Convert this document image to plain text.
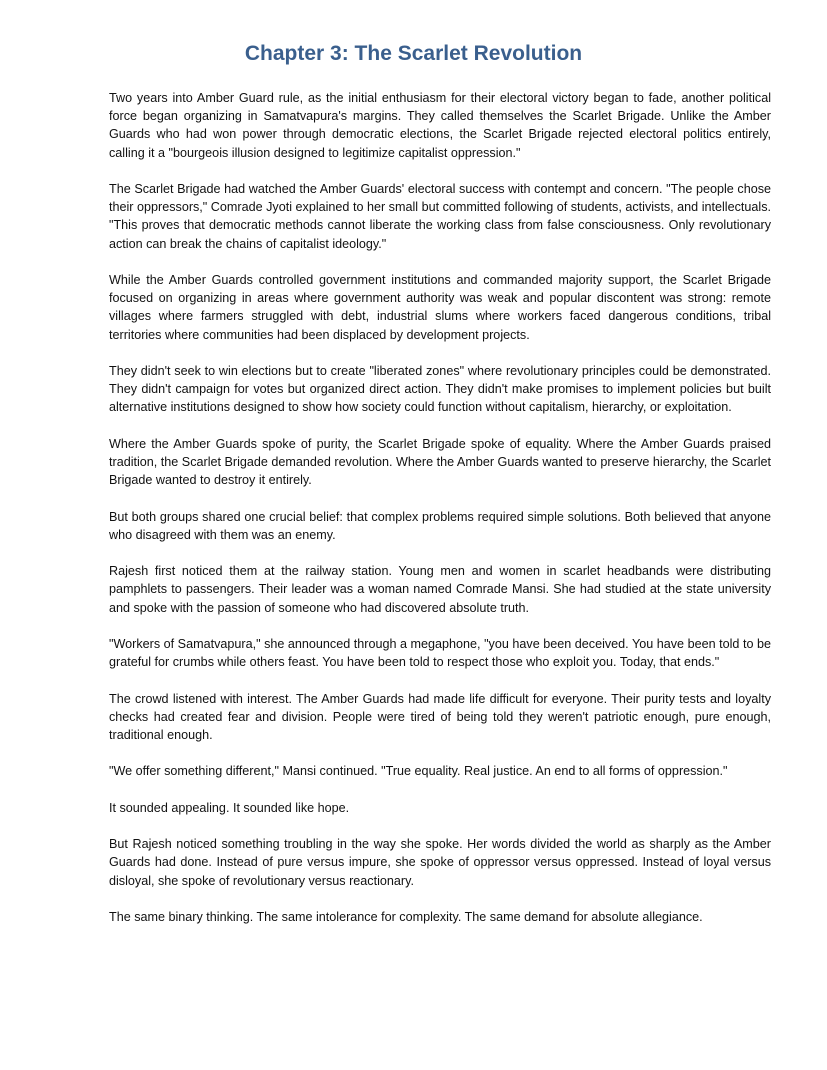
Chapter 3: The Scarlet Revolution

Two years into Amber Guard rule, as the initial enthusiasm for their electoral victory began to fade, another political force began organizing in Samatvapura's margins. They called themselves the Scarlet Brigade. Unlike the Amber Guards who had won power through democratic elections, the Scarlet Brigade rejected electoral politics entirely, calling it a "bourgeois illusion designed to legitimize capitalist oppression."

The Scarlet Brigade had watched the Amber Guards' electoral success with contempt and concern. "The people chose their oppressors," Comrade Jyoti explained to her small but committed following of students, activists, and intellectuals. "This proves that democratic methods cannot liberate the working class from false consciousness. Only revolutionary action can break the chains of capitalist ideology."

While the Amber Guards controlled government institutions and commanded majority support, the Scarlet Brigade focused on organizing in areas where government authority was weak and popular discontent was strong: remote villages where farmers struggled with debt, industrial slums where workers faced dangerous conditions, tribal territories where communities had been displaced by development projects.

They didn't seek to win elections but to create "liberated zones" where revolutionary principles could be demonstrated. They didn't campaign for votes but organized direct action. They didn't make promises to implement policies but built alternative institutions designed to show how society could function without capitalism, hierarchy, or exploitation.

Where the Amber Guards spoke of purity, the Scarlet Brigade spoke of equality. Where the Amber Guards praised tradition, the Scarlet Brigade demanded revolution. Where the Amber Guards wanted to preserve hierarchy, the Scarlet Brigade wanted to destroy it entirely.

But both groups shared one crucial belief: that complex problems required simple solutions. Both believed that anyone who disagreed with them was an enemy.

Rajesh first noticed them at the railway station. Young men and women in scarlet headbands were distributing pamphlets to passengers. Their leader was a woman named Comrade Mansi. She had studied at the state university and spoke with the passion of someone who had discovered absolute truth.

"Workers of Samatvapura," she announced through a megaphone, "you have been deceived. You have been told to be grateful for crumbs while others feast. You have been told to respect those who exploit you. Today, that ends."

The crowd listened with interest. The Amber Guards had made life difficult for everyone. Their purity tests and loyalty checks had created fear and division. People were tired of being told they weren't patriotic enough, pure enough, traditional enough.

"We offer something different," Mansi continued. "True equality. Real justice. An end to all forms of oppression."

It sounded appealing. It sounded like hope.

But Rajesh noticed something troubling in the way she spoke. Her words divided the world as sharply as the Amber Guards had done. Instead of pure versus impure, she spoke of oppressor versus oppressed. Instead of loyal versus disloyal, she spoke of revolutionary versus reactionary.

The same binary thinking. The same intolerance for complexity. The same demand for absolute allegiance.
